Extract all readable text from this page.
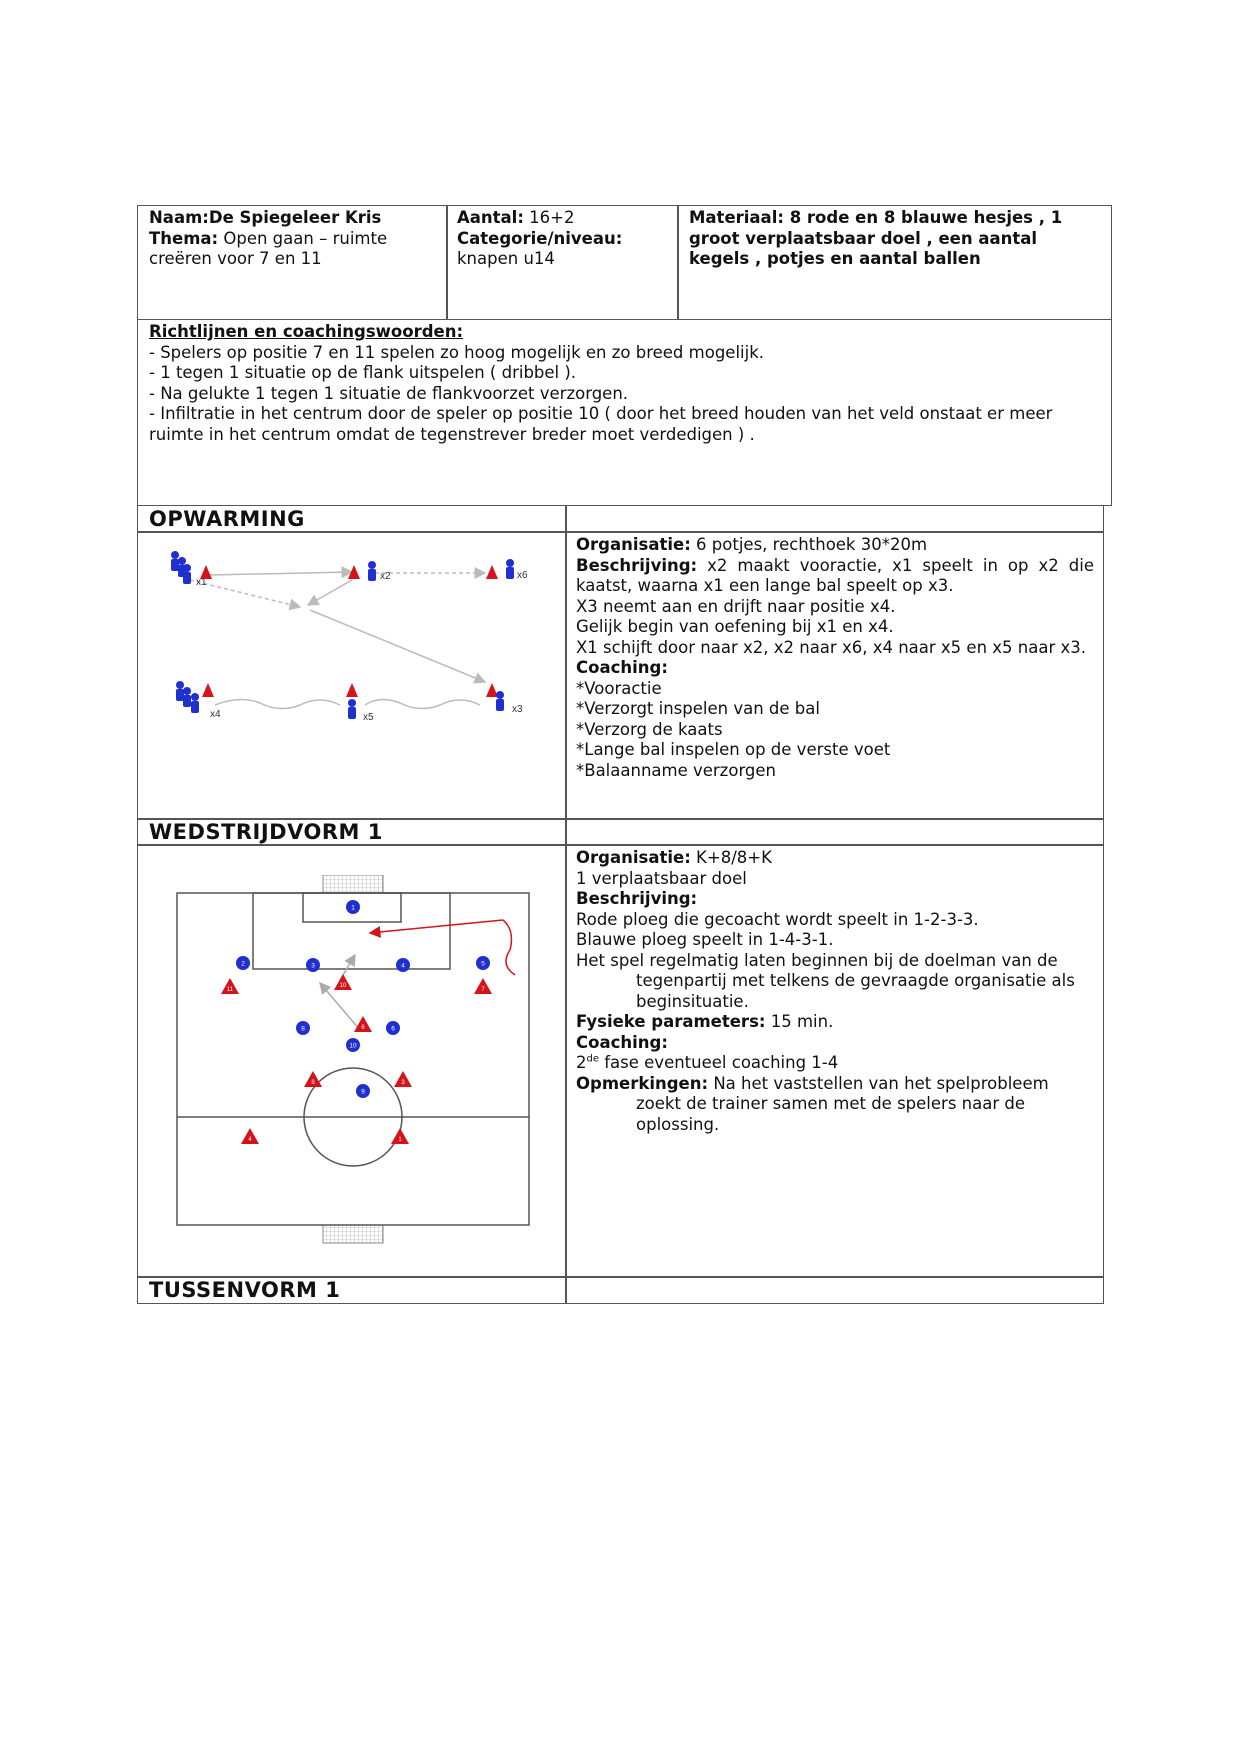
Naam:De Spiegeleer Kris
Thema: Open gaan – ruimte creëren voor 7 en 11
Aantal: 16+2
Categorie/niveau:
knapen u14
Materiaal: 8 rode en 8 blauwe hesjes , 1 groot verplaatsbaar doel , een aantal kegels , potjes en aantal ballen
Richtlijnen en coachingswoorden:
- Spelers op positie 7 en 11 spelen zo hoog mogelijk en zo breed mogelijk.
- 1 tegen 1 situatie op de flank uitspelen ( dribbel ).
- Na gelukte 1 tegen 1 situatie de flankvoorzet verzorgen.
- Infiltratie in het centrum door de speler op positie 10 ( door het breed houden van het veld onstaat er meer ruimte in het centrum omdat de tegenstrever breder moet verdedigen ) .
OPWARMING
x1
x2	x6
x4	x5
x3
Organisatie: 6 potjes, rechthoek 30*20m
Beschrijving: x2 maakt vooractie, x1 speelt in op x2 die kaatst, waarna x1 een lange bal speelt op x3.
X3 neemt aan en drijft naar positie x4.
Gelijk begin van oefening bij x1 en x4.
X1 schijft door naar x2, x2 naar x6, x4 naar x5 en x5 naar x3.
Coaching:
*Vooractie
*Verzorgt inspelen van de bal
*Verzorg de kaats
*Lange bal inspelen op de verste voet
*Balaanname verzorgen
WEDSTRIJDVORM 1
1
2	3	4	5
8	6
10
9
11	7
10
6
8	3
4	1
Organisatie: K+8/8+K
1 verplaatsbaar doel
Beschrijving:
Rode ploeg die gecoacht wordt speelt in 1-2-3-3.
Blauwe ploeg speelt in 1-4-3-1.
Het spel regelmatig laten beginnen bij de doelman van de
tegenpartij met telkens de gevraagde organisatie als
beginsituatie.
Fysieke parameters: 15 min.
Coaching:
2de fase eventueel coaching 1-4
Opmerkingen: Na het vaststellen van het spelprobleem
zoekt de trainer samen met de spelers naar de
oplossing.
TUSSENVORM 1
